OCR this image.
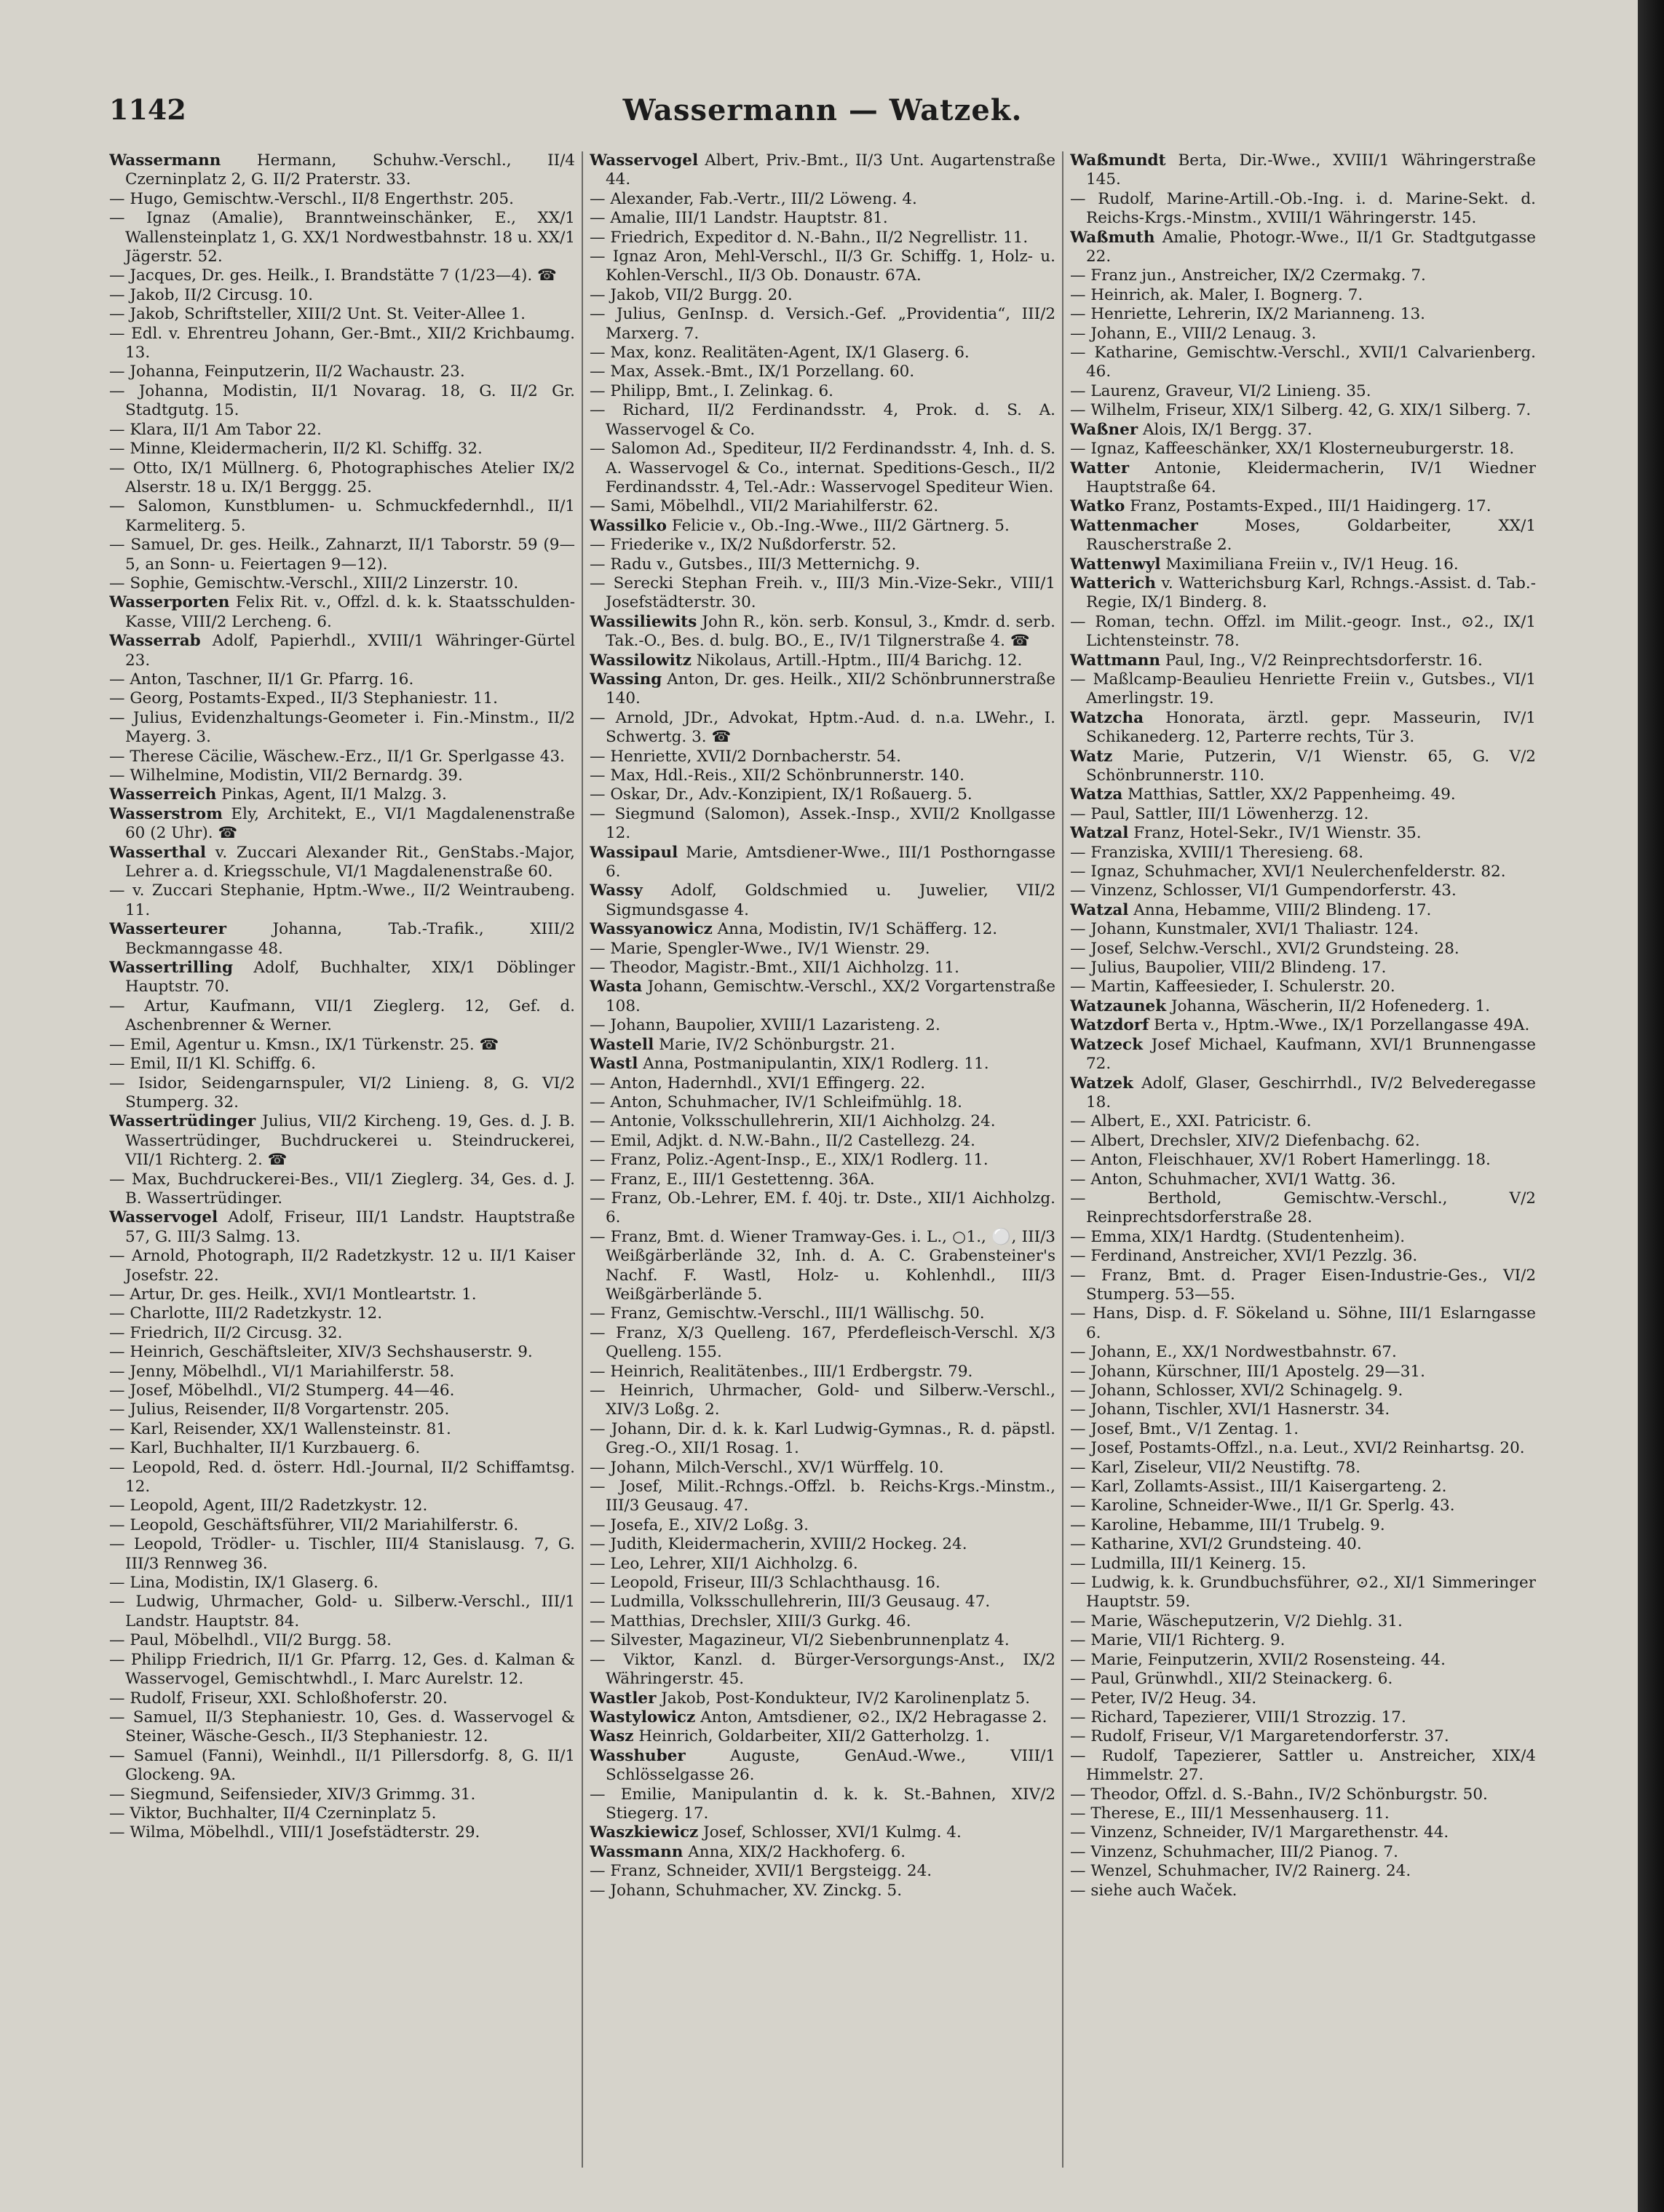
1142	Wassermann — Watzek.

Wassermann Hermann, Schuhw.-Verschl., II/4 Czerninplatz 2, G. II/2 Praterstr. 33.

— Hugo, Gemischtw.-Verschl., II/8 Engerthstr. 205.

— Ignaz (Amalie), Branntweinschänker, E., XX/1 Wallensteinplatz 1, G. XX/1 Nordwestbahnstr. 18 u. XX/1 Jägerstr. 52.

— Jacques, Dr. ges. Heilk., I. Brandstätte 7 (1/23—4). ☎

— Jakob, II/2 Circusg. 10.

— Jakob, Schriftsteller, XIII/2 Unt. St. Veiter-Allee 1.

— Edl. v. Ehrentreu Johann, Ger.-Bmt., XII/2 Krichbaumg. 13.

— Johanna, Feinputzerin, II/2 Wachaustr. 23.

— Johanna, Modistin, II/1 Novarag. 18, G. II/2 Gr. Stadtgutg. 15.

— Klara, II/1 Am Tabor 22.

— Minne, Kleidermacherin, II/2 Kl. Schiffg. 32.

— Otto, IX/1 Müllnerg. 6, Photographisches Atelier IX/2 Alserstr. 18 u. IX/1 Berggg. 25.

— Salomon, Kunstblumen- u. Schmuckfedernhdl., II/1 Karmeliterg. 5.

— Samuel, Dr. ges. Heilk., Zahnarzt, II/1 Taborstr. 59 (9—5, an Sonn- u. Feiertagen 9—12).

— Sophie, Gemischtw.-Verschl., XIII/2 Linzerstr. 10.

Wasserporten Felix Rit. v., Offzl. d. k. k. Staatsschulden-Kasse, VIII/2 Lercheng. 6.

Wasserrab Adolf, Papierhdl., XVIII/1 Währinger-Gürtel 23.

— Anton, Taschner, II/1 Gr. Pfarrg. 16.

— Georg, Postamts-Exped., II/3 Stephaniestr. 11.

— Julius, Evidenzhaltungs-Geometer i. Fin.-Minstm., II/2 Mayerg. 3.

— Therese Cäcilie, Wäschew.-Erz., II/1 Gr. Sperlgasse 43.

— Wilhelmine, Modistin, VII/2 Bernardg. 39.

Wasserreich Pinkas, Agent, II/1 Malzg. 3.

Wasserstrom Ely, Architekt, E., VI/1 Magdalenenstraße 60 (2 Uhr). ☎

Wasserthal v. Zuccari Alexander Rit., GenStabs.-Major, Lehrer a. d. Kriegsschule, VI/1 Magdalenenstraße 60.

— v. Zuccari Stephanie, Hptm.-Wwe., II/2 Weintraubeng. 11.

Wasserteurer Johanna, Tab.-Trafik., XIII/2 Beckmanngasse 48.

Wassertrilling Adolf, Buchhalter, XIX/1 Döblinger Hauptstr. 70.

— Artur, Kaufmann, VII/1 Zieglerg. 12, Gef. d. Aschenbrenner & Werner.

— Emil, Agentur u. Kmsn., IX/1 Türkenstr. 25. ☎

— Emil, II/1 Kl. Schiffg. 6.

— Isidor, Seidengarnspuler, VI/2 Linieng. 8, G. VI/2 Stumperg. 32.

Wassertrüdinger Julius, VII/2 Kircheng. 19, Ges. d. J. B. Wassertrüdinger, Buchdruckerei u. Steindruckerei, VII/1 Richterg. 2. ☎

— Max, Buchdruckerei-Bes., VII/1 Zieglerg. 34, Ges. d. J. B. Wassertrüdinger.

Wasservogel Adolf, Friseur, III/1 Landstr. Hauptstraße 57, G. III/3 Salmg. 13.

— Arnold, Photograph, II/2 Radetzkystr. 12 u. II/1 Kaiser Josefstr. 22.

— Artur, Dr. ges. Heilk., XVI/1 Montleartstr. 1.

— Charlotte, III/2 Radetzkystr. 12.

— Friedrich, II/2 Circusg. 32.

— Heinrich, Geschäftsleiter, XIV/3 Sechshauserstr. 9.

— Jenny, Möbelhdl., VI/1 Mariahilferstr. 58.

— Josef, Möbelhdl., VI/2 Stumperg. 44—46.

— Julius, Reisender, II/8 Vorgartenstr. 205.

— Karl, Reisender, XX/1 Wallensteinstr. 81.

— Karl, Buchhalter, II/1 Kurzbauerg. 6.

— Leopold, Red. d. österr. Hdl.-Journal, II/2 Schiffamtsg. 12.

— Leopold, Agent, III/2 Radetzkystr. 12.

— Leopold, Geschäftsführer, VII/2 Mariahilferstr. 6.

— Leopold, Trödler- u. Tischler, III/4 Stanislausg. 7, G. III/3 Rennweg 36.

— Lina, Modistin, IX/1 Glaserg. 6.

— Ludwig, Uhrmacher, Gold- u. Silberw.-Verschl., III/1 Landstr. Hauptstr. 84.

— Paul, Möbelhdl., VII/2 Burgg. 58.

— Philipp Friedrich, II/1 Gr. Pfarrg. 12, Ges. d. Kalman & Wasservogel, Gemischtwhdl., I. Marc Aurelstr. 12.

— Rudolf, Friseur, XXI. Schloßhoferstr. 20.

— Samuel, II/3 Stephaniestr. 10, Ges. d. Wasservogel & Steiner, Wäsche-Gesch., II/3 Stephaniestr. 12.

— Samuel (Fanni), Weinhdl., II/1 Pillersdorfg. 8, G. II/1 Glockeng. 9A.

— Siegmund, Seifensieder, XIV/3 Grimmg. 31.

— Viktor, Buchhalter, II/4 Czerninplatz 5.

— Wilma, Möbelhdl., VIII/1 Josefstädterstr. 29.

Wasservogel Albert, Priv.-Bmt., II/3 Unt. Augartenstraße 44.

— Alexander, Fab.-Vertr., III/2 Löweng. 4.

— Amalie, III/1 Landstr. Hauptstr. 81.

— Friedrich, Expeditor d. N.-Bahn., II/2 Negrellistr. 11.

— Ignaz Aron, Mehl-Verschl., II/3 Gr. Schiffg. 1, Holz- u. Kohlen-Verschl., II/3 Ob. Donaustr. 67A.

— Jakob, VII/2 Burgg. 20.

— Julius, GenInsp. d. Versich.-Gef. „Providentia“, III/2 Marxerg. 7.

— Max, konz. Realitäten-Agent, IX/1 Glaserg. 6.

— Max, Assek.-Bmt., IX/1 Porzellang. 60.

— Philipp, Bmt., I. Zelinkag. 6.

— Richard, II/2 Ferdinandsstr. 4, Prok. d. S. A. Wasservogel & Co.

— Salomon Ad., Spediteur, II/2 Ferdinandsstr. 4, Inh. d. S. A. Wasservogel & Co., internat. Speditions-Gesch., II/2 Ferdinandsstr. 4, Tel.-Adr.: Wasservogel Spediteur Wien.

— Sami, Möbelhdl., VII/2 Mariahilferstr. 62.

Wassilko Felicie v., Ob.-Ing.-Wwe., III/2 Gärtnerg. 5.

— Friederike v., IX/2 Nußdorferstr. 52.

— Radu v., Gutsbes., III/3 Metternichg. 9.

— Serecki Stephan Freih. v., III/3 Min.-Vize-Sekr., VIII/1 Josefstädterstr. 30.

Wassiliewits John R., kön. serb. Konsul, 3., Kmdr. d. serb. Tak.-O., Bes. d. bulg. BO., E., IV/1 Tilgnerstraße 4. ☎

Wassilowitz Nikolaus, Artill.-Hptm., III/4 Barichg. 12.

Wassing Anton, Dr. ges. Heilk., XII/2 Schönbrunnerstraße 140.

— Arnold, JDr., Advokat, Hptm.-Aud. d. n.a. LWehr., I. Schwertg. 3. ☎

— Henriette, XVII/2 Dornbacherstr. 54.

— Max, Hdl.-Reis., XII/2 Schönbrunnerstr. 140.

— Oskar, Dr., Adv.-Konzipient, IX/1 Roßauerg. 5.

— Siegmund (Salomon), Assek.-Insp., XVII/2 Knollgasse 12.

Wassipaul Marie, Amtsdiener-Wwe., III/1 Posthorngasse 6.

Wassy Adolf, Goldschmied u. Juwelier, VII/2 Sigmundsgasse 4.

Wassyanowicz Anna, Modistin, IV/1 Schäfferg. 12.

— Marie, Spengler-Wwe., IV/1 Wienstr. 29.

— Theodor, Magistr.-Bmt., XII/1 Aichholzg. 11.

Wasta Johann, Gemischtw.-Verschl., XX/2 Vorgartenstraße 108.

— Johann, Baupolier, XVIII/1 Lazaristeng. 2.

Wastell Marie, IV/2 Schönburgstr. 21.

Wastl Anna, Postmanipulantin, XIX/1 Rodlerg. 11.

— Anton, Hadernhdl., XVI/1 Effingerg. 22.

— Anton, Schuhmacher, IV/1 Schleifmühlg. 18.

— Antonie, Volksschullehrerin, XII/1 Aichholzg. 24.

— Emil, Adjkt. d. N.W.-Bahn., II/2 Castellezg. 24.

— Franz, Poliz.-Agent-Insp., E., XIX/1 Rodlerg. 11.

— Franz, E., III/1 Gestettenng. 36A.

— Franz, Ob.-Lehrer, EM. f. 40j. tr. Dste., XII/1 Aichholzg. 6.

— Franz, Bmt. d. Wiener Tramway-Ges. i. L., ○1., ⚪, III/3 Weißgärberlände 32, Inh. d. A. C. Grabensteiner's Nachf. F. Wastl, Holz- u. Kohlenhdl., III/3 Weißgärberlände 5.

— Franz, Gemischtw.-Verschl., III/1 Wällischg. 50.

— Franz, X/3 Quelleng. 167, Pferdefleisch-Verschl. X/3 Quelleng. 155.

— Heinrich, Realitätenbes., III/1 Erdbergstr. 79.

— Heinrich, Uhrmacher, Gold- und Silberw.-Verschl., XIV/3 Loßg. 2.

— Johann, Dir. d. k. k. Karl Ludwig-Gymnas., R. d. päpstl. Greg.-O., XII/1 Rosag. 1.

— Johann, Milch-Verschl., XV/1 Würffelg. 10.

— Josef, Milit.-Rchngs.-Offzl. b. Reichs-Krgs.-Minstm., III/3 Geusaug. 47.

— Josefa, E., XIV/2 Loßg. 3.

— Judith, Kleidermacherin, XVIII/2 Hockeg. 24.

— Leo, Lehrer, XII/1 Aichholzg. 6.

— Leopold, Friseur, III/3 Schlachthausg. 16.

— Ludmilla, Volksschullehrerin, III/3 Geusaug. 47.

— Matthias, Drechsler, XIII/3 Gurkg. 46.

— Silvester, Magazineur, VI/2 Siebenbrunnenplatz 4.

— Viktor, Kanzl. d. Bürger-Versorgungs-Anst., IX/2 Währingerstr. 45.

Wastler Jakob, Post-Kondukteur, IV/2 Karolinenplatz 5.

Wastylowicz Anton, Amtsdiener, ⊙2., IX/2 Hebragasse 2.

Wasz Heinrich, Goldarbeiter, XII/2 Gatterholzg. 1.

Wasshuber Auguste, GenAud.-Wwe., VIII/1 Schlösselgasse 26.

— Emilie, Manipulantin d. k. k. St.-Bahnen, XIV/2 Stiegerg. 17.

Waszkiewicz Josef, Schlosser, XVI/1 Kulmg. 4.

Wassmann Anna, XIX/2 Hackhoferg. 6.

— Franz, Schneider, XVII/1 Bergsteigg. 24.

— Johann, Schuhmacher, XV. Zinckg. 5.

Waßmundt Berta, Dir.-Wwe., XVIII/1 Währingerstraße 145.

— Rudolf, Marine-Artill.-Ob.-Ing. i. d. Marine-Sekt. d. Reichs-Krgs.-Minstm., XVIII/1 Währingerstr. 145.

Waßmuth Amalie, Photogr.-Wwe., II/1 Gr. Stadtgutgasse 22.

— Franz jun., Anstreicher, IX/2 Czermakg. 7.

— Heinrich, ak. Maler, I. Bognerg. 7.

— Henriette, Lehrerin, IX/2 Marianneng. 13.

— Johann, E., VIII/2 Lenaug. 3.

— Katharine, Gemischtw.-Verschl., XVII/1 Calvarienberg. 46.

— Laurenz, Graveur, VI/2 Linieng. 35.

— Wilhelm, Friseur, XIX/1 Silberg. 42, G. XIX/1 Silberg. 7.

Waßner Alois, IX/1 Bergg. 37.

— Ignaz, Kaffeeschänker, XX/1 Klosterneuburgerstr. 18.

Watter Antonie, Kleidermacherin, IV/1 Wiedner Hauptstraße 64.

Watko Franz, Postamts-Exped., III/1 Haidingerg. 17.

Wattenmacher Moses, Goldarbeiter, XX/1 Rauscherstraße 2.

Wattenwyl Maximiliana Freiin v., IV/1 Heug. 16.

Watterich v. Watterichsburg Karl, Rchngs.-Assist. d. Tab.-Regie, IX/1 Binderg. 8.

— Roman, techn. Offzl. im Milit.-geogr. Inst., ⊙2., IX/1 Lichtensteinstr. 78.

Wattmann Paul, Ing., V/2 Reinprechtsdorferstr. 16.

— Maßlcamp-Beaulieu Henriette Freiin v., Gutsbes., VI/1 Amerlingstr. 19.

Watzcha Honorata, ärztl. gepr. Masseurin, IV/1 Schikanederg. 12, Parterre rechts, Tür 3.

Watz Marie, Putzerin, V/1 Wienstr. 65, G. V/2 Schönbrunnerstr. 110.

Watza Matthias, Sattler, XX/2 Pappenheimg. 49.

— Paul, Sattler, III/1 Löwenherzg. 12.

Watzal Franz, Hotel-Sekr., IV/1 Wienstr. 35.

— Franziska, XVIII/1 Theresieng. 68.

— Ignaz, Schuhmacher, XVI/1 Neulerchenfelderstr. 82.

— Vinzenz, Schlosser, VI/1 Gumpendorferstr. 43.

Watzal Anna, Hebamme, VIII/2 Blindeng. 17.

— Johann, Kunstmaler, XVI/1 Thaliastr. 124.

— Josef, Selchw.-Verschl., XVI/2 Grundsteing. 28.

— Julius, Baupolier, VIII/2 Blindeng. 17.

— Martin, Kaffeesieder, I. Schulerstr. 20.

Watzaunek Johanna, Wäscherin, II/2 Hofenederg. 1.

Watzdorf Berta v., Hptm.-Wwe., IX/1 Porzellangasse 49A.

Watzeck Josef Michael, Kaufmann, XVI/1 Brunnengasse 72.

Watzek Adolf, Glaser, Geschirrhdl., IV/2 Belvederegasse 18.

— Albert, E., XXI. Patricistr. 6.

— Albert, Drechsler, XIV/2 Diefenbachg. 62.

— Anton, Fleischhauer, XV/1 Robert Hamerlingg. 18.

— Anton, Schuhmacher, XVI/1 Wattg. 36.

— Berthold, Gemischtw.-Verschl., V/2 Reinprechtsdorferstraße 28.

— Emma, XIX/1 Hardtg. (Studentenheim).

— Ferdinand, Anstreicher, XVI/1 Pezzlg. 36.

— Franz, Bmt. d. Prager Eisen-Industrie-Ges., VI/2 Stumperg. 53—55.

— Hans, Disp. d. F. Sökeland u. Söhne, III/1 Eslarngasse 6.

— Johann, E., XX/1 Nordwestbahnstr. 67.

— Johann, Kürschner, III/1 Apostelg. 29—31.

— Johann, Schlosser, XVI/2 Schinagelg. 9.

— Johann, Tischler, XVI/1 Hasnerstr. 34.

— Josef, Bmt., V/1 Zentag. 1.

— Josef, Postamts-Offzl., n.a. Leut., XVI/2 Reinhartsg. 20.

— Karl, Ziseleur, VII/2 Neustiftg. 78.

— Karl, Zollamts-Assist., III/1 Kaisergarteng. 2.

— Karoline, Schneider-Wwe., II/1 Gr. Sperlg. 43.

— Karoline, Hebamme, III/1 Trubelg. 9.

— Katharine, XVI/2 Grundsteing. 40.

— Ludmilla, III/1 Keinerg. 15.

— Ludwig, k. k. Grundbuchsführer, ⊙2., XI/1 Simmeringer Hauptstr. 59.

— Marie, Wäscheputzerin, V/2 Diehlg. 31.

— Marie, VII/1 Richterg. 9.

— Marie, Feinputzerin, XVII/2 Rosensteing. 44.

— Paul, Grünwhdl., XII/2 Steinackerg. 6.

— Peter, IV/2 Heug. 34.

— Richard, Tapezierer, VIII/1 Strozzig. 17.

— Rudolf, Friseur, V/1 Margaretendorferstr. 37.

— Rudolf, Tapezierer, Sattler u. Anstreicher, XIX/4 Himmelstr. 27.

— Theodor, Offzl. d. S.-Bahn., IV/2 Schönburgstr. 50.

— Therese, E., III/1 Messenhauserg. 11.

— Vinzenz, Schneider, IV/1 Margarethenstr. 44.

— Vinzenz, Schuhmacher, III/2 Pianog. 7.

— Wenzel, Schuhmacher, IV/2 Rainerg. 24.

— siehe auch Waček.
